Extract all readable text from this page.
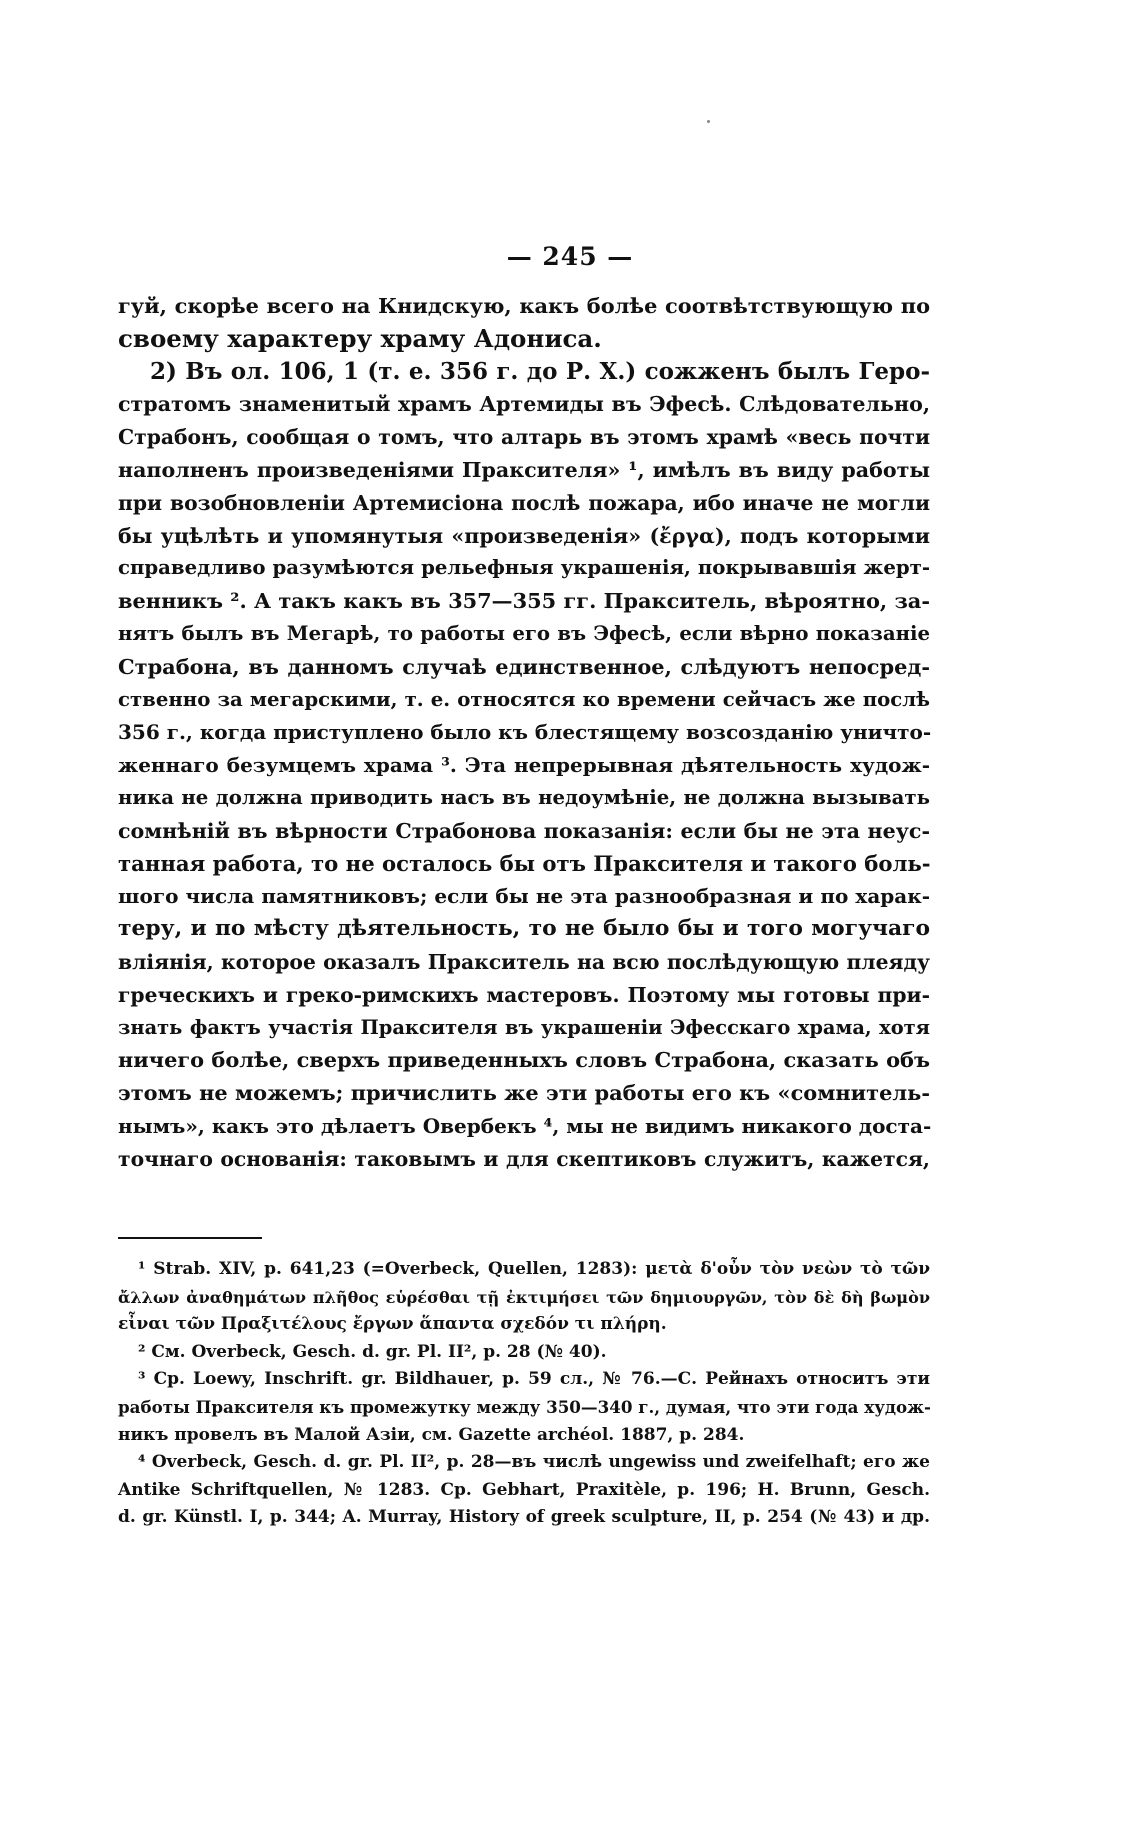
— 245 —
гуй, скорѣе всего на Книдскую, какъ болѣе соотвѣтствующую по
своему характеру храму Адониса.
2) Въ ол. 106, 1 (т. е. 356 г. до Р. Х.) сожженъ былъ Геро-
стратомъ знаменитый храмъ Артемиды въ Эфесѣ. Слѣдовательно,
Страбонъ, сообщая о томъ, что алтарь въ этомъ храмѣ «весь почти
наполненъ произведеніями Праксителя» ¹, имѣлъ въ виду работы
при возобновленіи Артемисіона послѣ пожара, ибо иначе не могли
бы уцѣлѣть и упомянутыя «произведенія» (ἔργα), подъ которыми
справедливо разумѣются рельефныя украшенія, покрывавшія жерт-
венникъ ². А такъ какъ въ 357—355 гг. Пракситель, вѣроятно, за-
нятъ былъ въ Мегарѣ, то работы его въ Эфесѣ, если вѣрно показаніе
Страбона, въ данномъ случаѣ единственное, слѣдуютъ непосред-
ственно за мегарскими, т. е. относятся ко времени сейчасъ же послѣ
356 г., когда приступлено было къ блестящему возсозданію уничто-
женнаго безумцемъ храма ³. Эта непрерывная дѣятельность худож-
ника не должна приводить насъ въ недоумѣніе, не должна вызывать
сомнѣній въ вѣрности Страбонова показанія: если бы не эта неус-
танная работа, то не осталось бы отъ Праксителя и такого боль-
шого числа памятниковъ; если бы не эта разнообразная и по харак-
теру, и по мѣсту дѣятельность, то не было бы и того могучаго
вліянія, которое оказалъ Пракситель на всю послѣдующую плеяду
греческихъ и греко-римскихъ мастеровъ. Поэтому мы готовы при-
знать фактъ участія Праксителя въ украшеніи Эфесскаго храма, хотя
ничего болѣе, сверхъ приведенныхъ словъ Страбона, сказать объ
этомъ не можемъ; причислить же эти работы его къ «сомнитель-
нымъ», какъ это дѣлаетъ Овербекъ ⁴, мы не видимъ никакого доста-
точнаго основанія: таковымъ и для скептиковъ служитъ, кажется,
¹ Strab. XIV, p. 641,23 (=Overbeck, Quellen, 1283): μετὰ δ'οὖν τὸν νεὼν τὸ τῶν
ἄλλων ἀναθημάτων πλῆθος εὑρέσθαι τῇ ἐκτιμήσει τῶν δημιουργῶν, τὸν δὲ δὴ βωμὸν
εἶναι τῶν Πραξιτέλους ἔργων ἅπαντα σχεδόν τι πλήρη.
² См. Overbeck, Gesch. d. gr. Pl. II², p. 28 (№ 40).
³ Cp. Loewy, Inschrift. gr. Bildhauer, p. 59 сл., № 76.—С. Рейнахъ относитъ эти
работы Праксителя къ промежутку между 350—340 г., думая, что эти года худож-
никъ провелъ въ Малой Азіи, см. Gazette archéol. 1887, p. 284.
⁴ Overbeck, Gesch. d. gr. Pl. II², p. 28—въ числѣ ungewiss und zweifelhaft; его же
Antike Schriftquellen, № 1283. Cp. Gebhart, Praxitèle, p. 196; H. Brunn, Gesch.
d. gr. Künstl. I, p. 344; A. Murray, History of greek sculpture, II, p. 254 (№ 43) и др.
